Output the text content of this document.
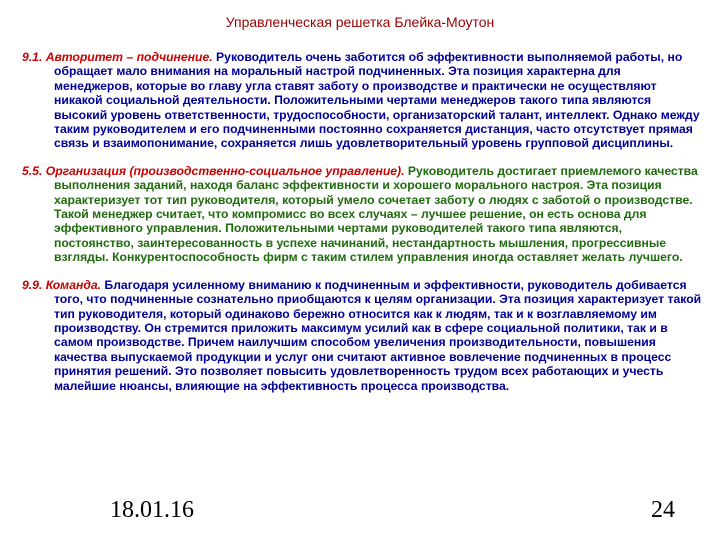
Управленческая решетка Блейка-Моутон

9.1. Авторитет – подчинение. Руководитель очень заботится об эффективности выполняемой работы, но обращает мало внимания на моральный настрой подчиненных. Эта позиция характерна для менеджеров, которые во главу угла ставят заботу о производстве и практически не осуществляют никакой социальной деятельности. Положительными чертами менеджеров такого типа являются высокий уровень ответственности, трудоспособности, организаторский талант, интеллект. Однако между таким руководителем и его подчиненными постоянно сохраняется дистанция, часто отсутствует прямая связь и взаимопонимание, сохраняется лишь удовлетворительный уровень групповой дисциплины.

5.5. Организация (производственно-социальное управление). Руководитель достигает приемлемого качества выполнения заданий, находя баланс эффективности и хорошего морального настроя. Эта позиция характеризует тот тип руководителя, который умело сочетает заботу о людях с заботой о производстве. Такой менеджер считает, что компромисс во всех случаях – лучшее решение, он есть основа для эффективного управления. Положительными чертами руководителей такого типа являются, постоянство, заинтересованность в успехе начинаний, нестандартность мышления, прогрессивные взгляды. Конкурентоспособность фирм с таким стилем управления иногда оставляет желать лучшего.

9.9. Команда. Благодаря усиленному вниманию к подчиненным и эффективности, руководитель добивается того, что подчиненные сознательно приобщаются к целям организации. Эта позиция характеризует такой тип руководителя, который одинаково бережно относится как к людям, так и к возглавляемому им производству. Он стремится приложить максимум усилий как в сфере социальной политики, так и в самом производстве. Причем наилучшим способом увеличения производительности, повышения качества выпускаемой продукции и услуг они считают активное вовлечение подчиненных в процесс принятия решений. Это позволяет повысить удовлетворенность трудом всех работающих и учесть малейшие нюансы, влияющие на эффективность процесса производства.

18.01.16	24
